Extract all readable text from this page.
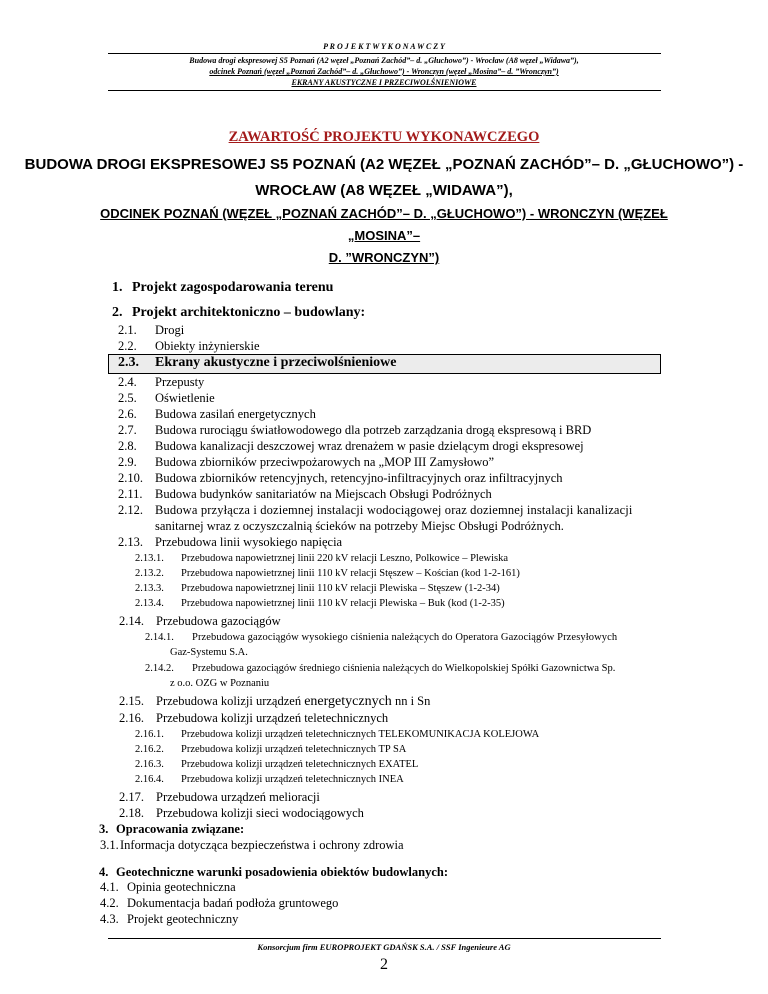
P R O J E K T W Y K O N A W C Z Y
Budowa drogi ekspresowej S5 Poznań (A2 węzeł „Poznań Zachód”– d. „Głuchowo”) - Wrocław (A8 węzeł „Widawa”),
odcinek Poznań (węzeł „Poznań Zachód”– d. „Głuchowo”) - Wronczyn (węzeł „Mosina”– d. ”Wronczyn”)
EKRANY AKUSTYCZNE I PRZECIWOLŚNIENIOWE
ZAWARTOŚĆ PROJEKTU WYKONAWCZEGO
BUDOWA DROGI EKSPRESOWEJ S5 POZNAŃ (A2 WĘZEŁ „POZNAŃ ZACHÓD”– D. „GŁUCHOWO”) -
WROCŁAW (A8 WĘZEŁ „WIDAWA”),
ODCINEK POZNAŃ (WĘZEŁ „POZNAŃ ZACHÓD”– D. „GŁUCHOWO”) - WRONCZYN (WĘZEŁ „MOSINA”–
D. ”WRONCZYN”)
1. Projekt zagospodarowania terenu
2. Projekt architektoniczno – budowlany:
2.1. Drogi
2.2. Obiekty inżynierskie
2.3. Ekrany akustyczne i przeciwolśnieniowe
2.4. Przepusty
2.5. Oświetlenie
2.6. Budowa zasilań energetycznych
2.7. Budowa rurociągu światłowodowego dla potrzeb zarządzania drogą ekspresową i BRD
2.8. Budowa kanalizacji deszczowej wraz drenażem w pasie dzielącym drogi ekspresowej
2.9. Budowa zbiorników przeciwpożarowych na „MOP III Zamysłowo”
2.10. Budowa zbiorników retencyjnych, retencyjno-infiltracyjnych oraz infiltracyjnych
2.11. Budowa budynków sanitariatów na Miejscach Obsługi Podróżnych
2.12. Budowa przyłącza i doziemnej instalacji wodociągowej oraz doziemnej instalacji kanalizacji
sanitarnej wraz z oczyszczalnią ścieków na potrzeby Miejsc Obsługi Podróżnych.
2.13. Przebudowa linii wysokiego napięcia
2.13.1. Przebudowa napowietrznej linii 220 kV relacji Leszno, Polkowice – Plewiska
2.13.2. Przebudowa napowietrznej linii 110 kV relacji Stęszew – Kościan (kod 1-2-161)
2.13.3. Przebudowa napowietrznej linii 110 kV relacji Plewiska – Stęszew (1-2-34)
2.13.4. Przebudowa napowietrznej linii 110 kV relacji Plewiska – Buk (kod (1-2-35)
2.14. Przebudowa gazociągów
2.14.1. Przebudowa gazociągów wysokiego ciśnienia należących do Operatora Gazociągów Przesyłowych
Gaz-Systemu S.A.
2.14.2. Przebudowa gazociągów średniego ciśnienia należących do Wielkopolskiej Spółki Gazownictwa Sp.
z o.o. OZG w Poznaniu
2.15. Przebudowa kolizji urządzeń energetycznych nn i Sn
2.16. Przebudowa kolizji urządzeń teletechnicznych
2.16.1. Przebudowa kolizji urządzeń teletechnicznych TELEKOMUNIKACJA KOLEJOWA
2.16.2. Przebudowa kolizji urządzeń teletechnicznych TP SA
2.16.3. Przebudowa kolizji urządzeń teletechnicznych EXATEL
2.16.4. Przebudowa kolizji urządzeń teletechnicznych INEA
2.17. Przebudowa urządzeń melioracji
2.18. Przebudowa kolizji sieci wodociągowych
3. Opracowania związane:
3.1.Informacja dotycząca bezpieczeństwa i ochrony zdrowia
4. Geotechniczne warunki posadowienia obiektów budowlanych:
4.1. Opinia geotechniczna
4.2. Dokumentacja badań podłoża gruntowego
4.3. Projekt geotechniczny
Konsorcjum firm EUROPROJEKT GDAŃSK S.A. / SSF Ingenieure AG
2
